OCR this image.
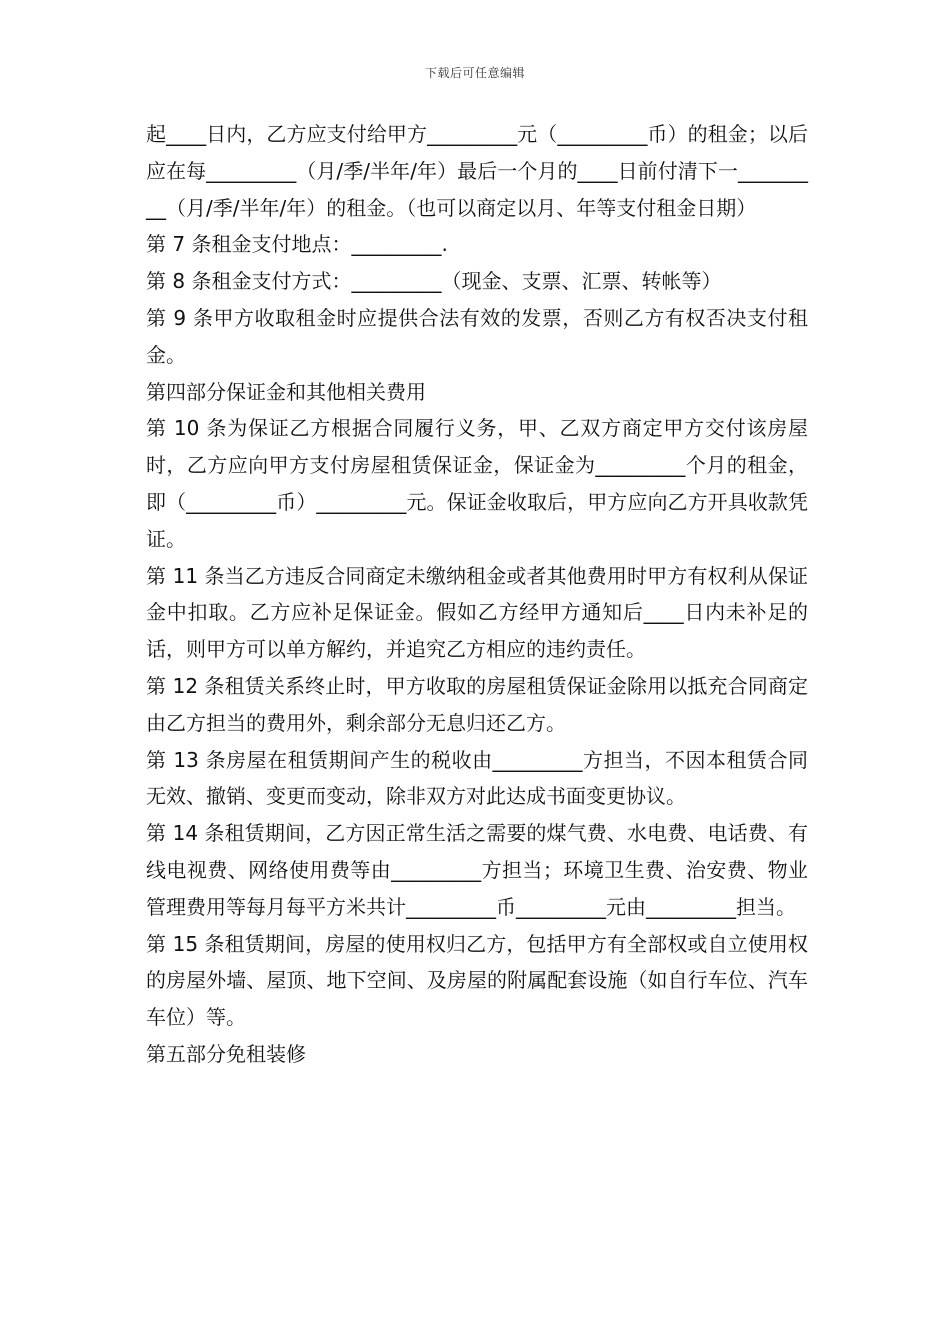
下载后可任意编辑

起____日内，乙方应支付给甲方_________元（_________币）的租金；以后应在每_________（月/季/半年/年）最后一个月的____日前付清下一_________（月/季/半年/年）的租金。（也可以商定以月、年等支付租金日期）

第 7 条租金支付地点：_________.

第 8 条租金支付方式：_________（现金、支票、汇票、转帐等）

第 9 条甲方收取租金时应提供合法有效的发票，否则乙方有权否决支付租金。

第四部分保证金和其他相关费用

第 10 条为保证乙方根据合同履行义务，甲、乙双方商定甲方交付该房屋时，乙方应向甲方支付房屋租赁保证金，保证金为_________个月的租金，即（_________币）_________元。保证金收取后，甲方应向乙方开具收款凭证。

第 11 条当乙方违反合同商定未缴纳租金或者其他费用时甲方有权利从保证金中扣取。乙方应补足保证金。假如乙方经甲方通知后____日内未补足的话，则甲方可以单方解约，并追究乙方相应的违约责任。

第 12 条租赁关系终止时，甲方收取的房屋租赁保证金除用以抵充合同商定由乙方担当的费用外，剩余部分无息归还乙方。

第 13 条房屋在租赁期间产生的税收由_________方担当，不因本租赁合同无效、撤销、变更而变动，除非双方对此达成书面变更协议。

第 14 条租赁期间，乙方因正常生活之需要的煤气费、水电费、电话费、有线电视费、网络使用费等由_________方担当；环境卫生费、治安费、物业管理费用等每月每平方米共计_________币_________元由_________担当。

第 15 条租赁期间，房屋的使用权归乙方，包括甲方有全部权或自立使用权的房屋外墙、屋顶、地下空间、及房屋的附属配套设施（如自行车位、汽车车位）等。

第五部分免租装修
